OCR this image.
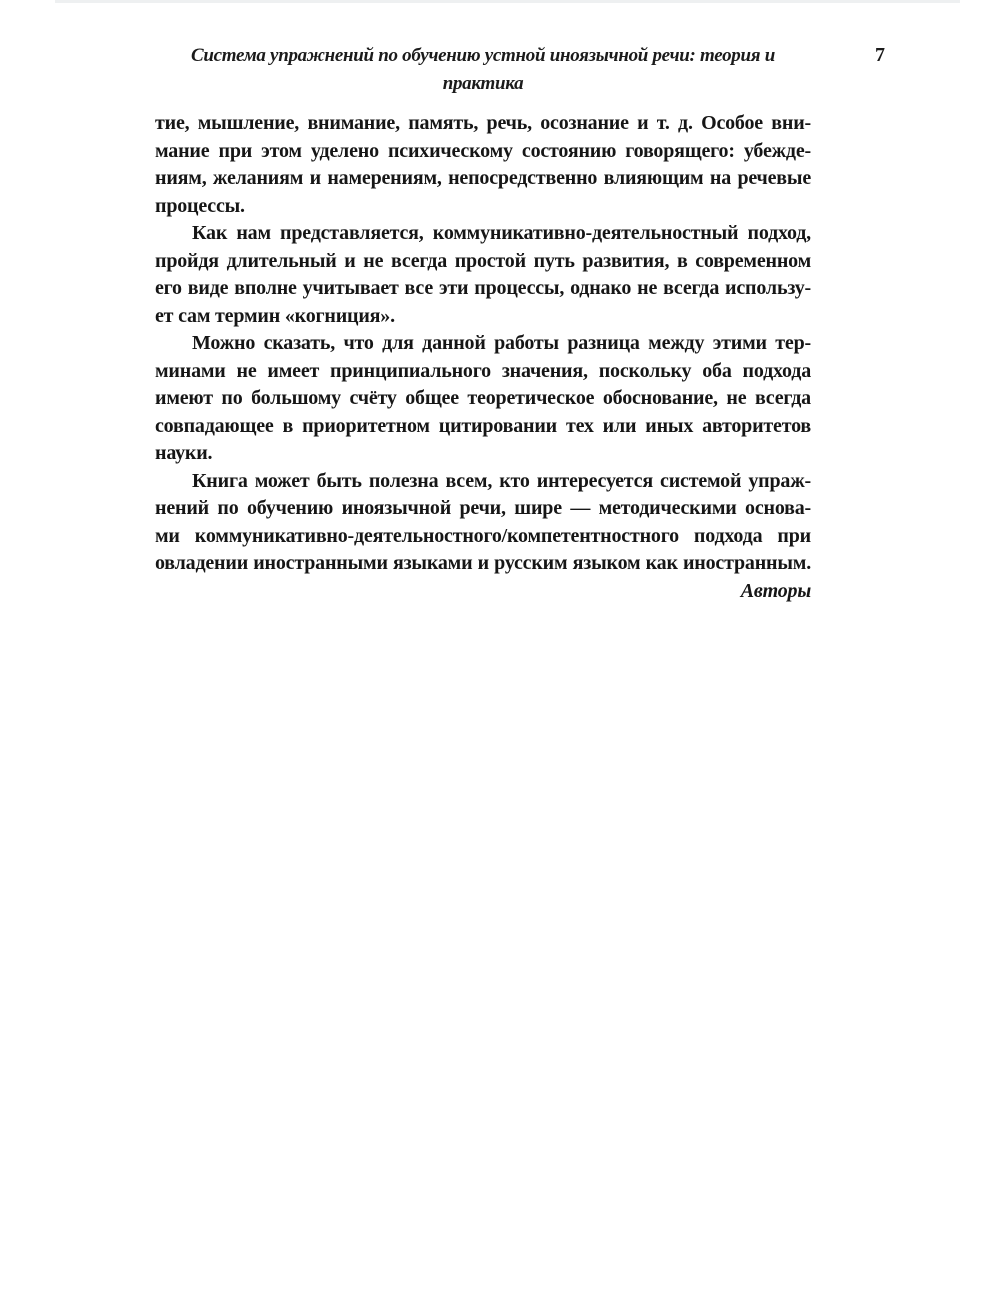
Система упражнений по обучению устной иноязычной речи: теория и практика
7
тие, мышление, внимание, память, речь, осознание и т. д. Особое вни-
мание при этом уделено психическому состоянию говорящего: убежде-
ниям, желаниям и намерениям, непосредственно влияющим на речевые
процессы.
Как нам представляется, коммуникативно-деятельностный подход,
пройдя длительный и не всегда простой путь развития, в современном
его виде вполне учитывает все эти процессы, однако не всегда использу-
ет сам термин «когниция».
Можно сказать, что для данной работы разница между этими тер-
минами не имеет принципиального значения, поскольку оба подхода
имеют по большому счёту общее теоретическое обоснование, не всегда
совпадающее в приоритетном цитировании тех или иных авторитетов
науки.
Книга может быть полезна всем, кто интересуется системой упраж-
нений по обучению иноязычной речи, шире — методическими основа-
ми коммуникативно-деятельностного/компетентностного подхода при
овладении иностранными языками и русским языком как иностранным.
Авторы
